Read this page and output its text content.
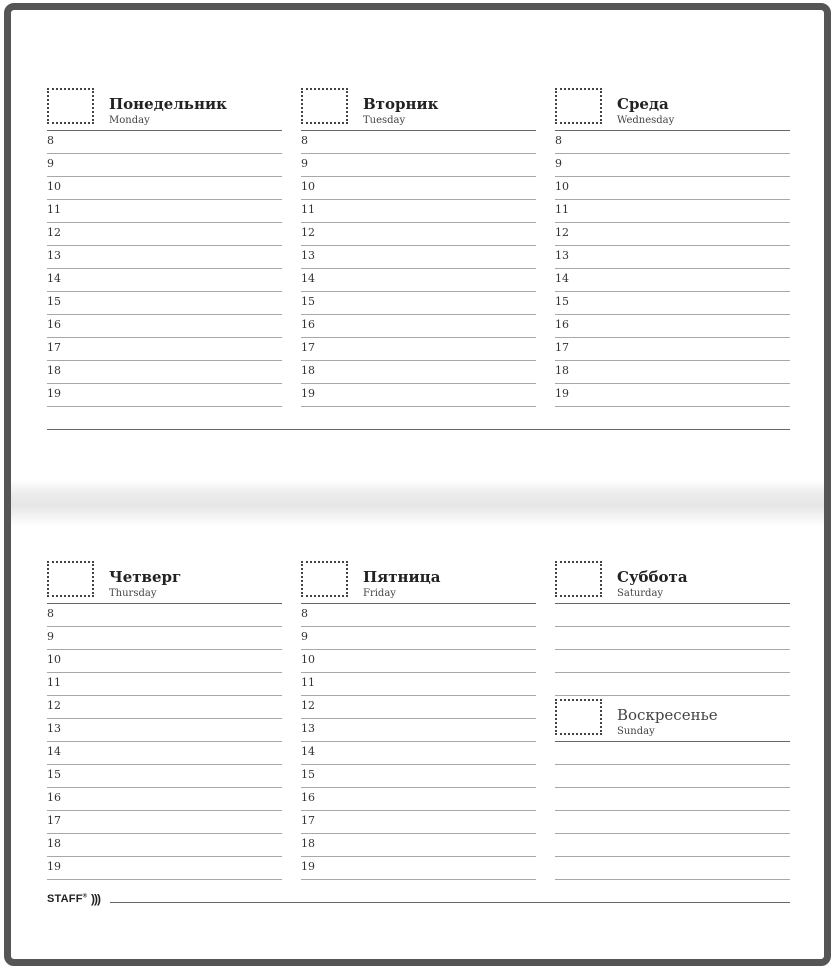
Понедельник
Monday
8
9
10
11
12
13
14
15
16
17
18
19
Вторник
Tuesday
8
9
10
11
12
13
14
15
16
17
18
19
Среда
Wednesday
8
9
10
11
12
13
14
15
16
17
18
19
Четверг
Thursday
8
9
10
11
12
13
14
15
16
17
18
19
Пятница
Friday
8
9
10
11
12
13
14
15
16
17
18
19
Суббота
Saturday
Воскресенье
Sunday
STAFF® )))
